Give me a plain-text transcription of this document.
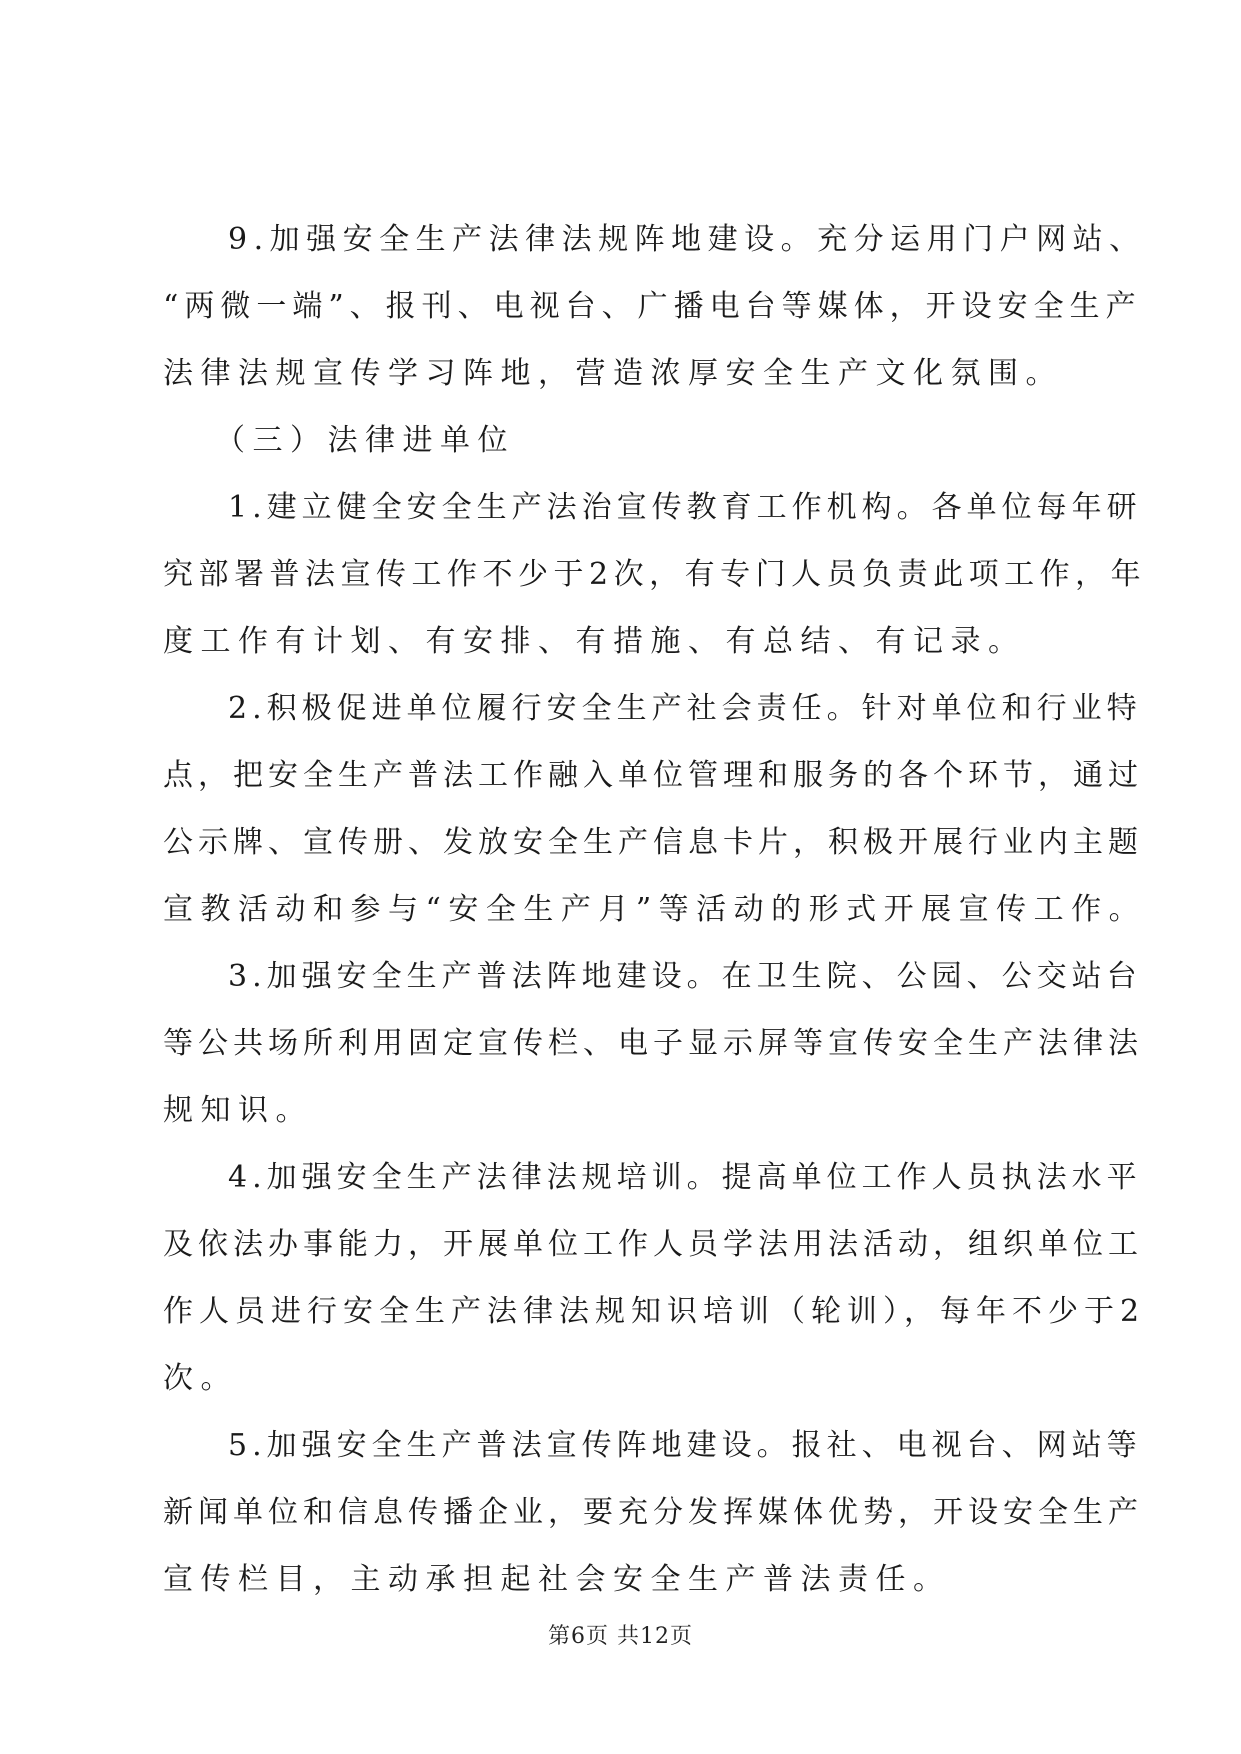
9.加强安全生产法律法规阵地建设。充分运用门户网站、
“两微一端”、报刊、电视台、广播电台等媒体，开设安全生产
法律法规宣传学习阵地，营造浓厚安全生产文化氛围。
（三）法律进单位
1.建立健全安全生产法治宣传教育工作机构。各单位每年研
究部署普法宣传工作不少于2次，有专门人员负责此项工作，年
度工作有计划、有安排、有措施、有总结、有记录。
2.积极促进单位履行安全生产社会责任。针对单位和行业特
点，把安全生产普法工作融入单位管理和服务的各个环节，通过
公示牌、宣传册、发放安全生产信息卡片，积极开展行业内主题
宣教活动和参与“安全生产月”等活动的形式开展宣传工作。
3.加强安全生产普法阵地建设。在卫生院、公园、公交站台
等公共场所利用固定宣传栏、电子显示屏等宣传安全生产法律法
规知识。
4.加强安全生产法律法规培训。提高单位工作人员执法水平
及依法办事能力，开展单位工作人员学法用法活动，组织单位工
作人员进行安全生产法律法规知识培训（轮训），每年不少于2
次。
5.加强安全生产普法宣传阵地建设。报社、电视台、网站等
新闻单位和信息传播企业，要充分发挥媒体优势，开设安全生产
宣传栏目，主动承担起社会安全生产普法责任。
第6页 共12页
